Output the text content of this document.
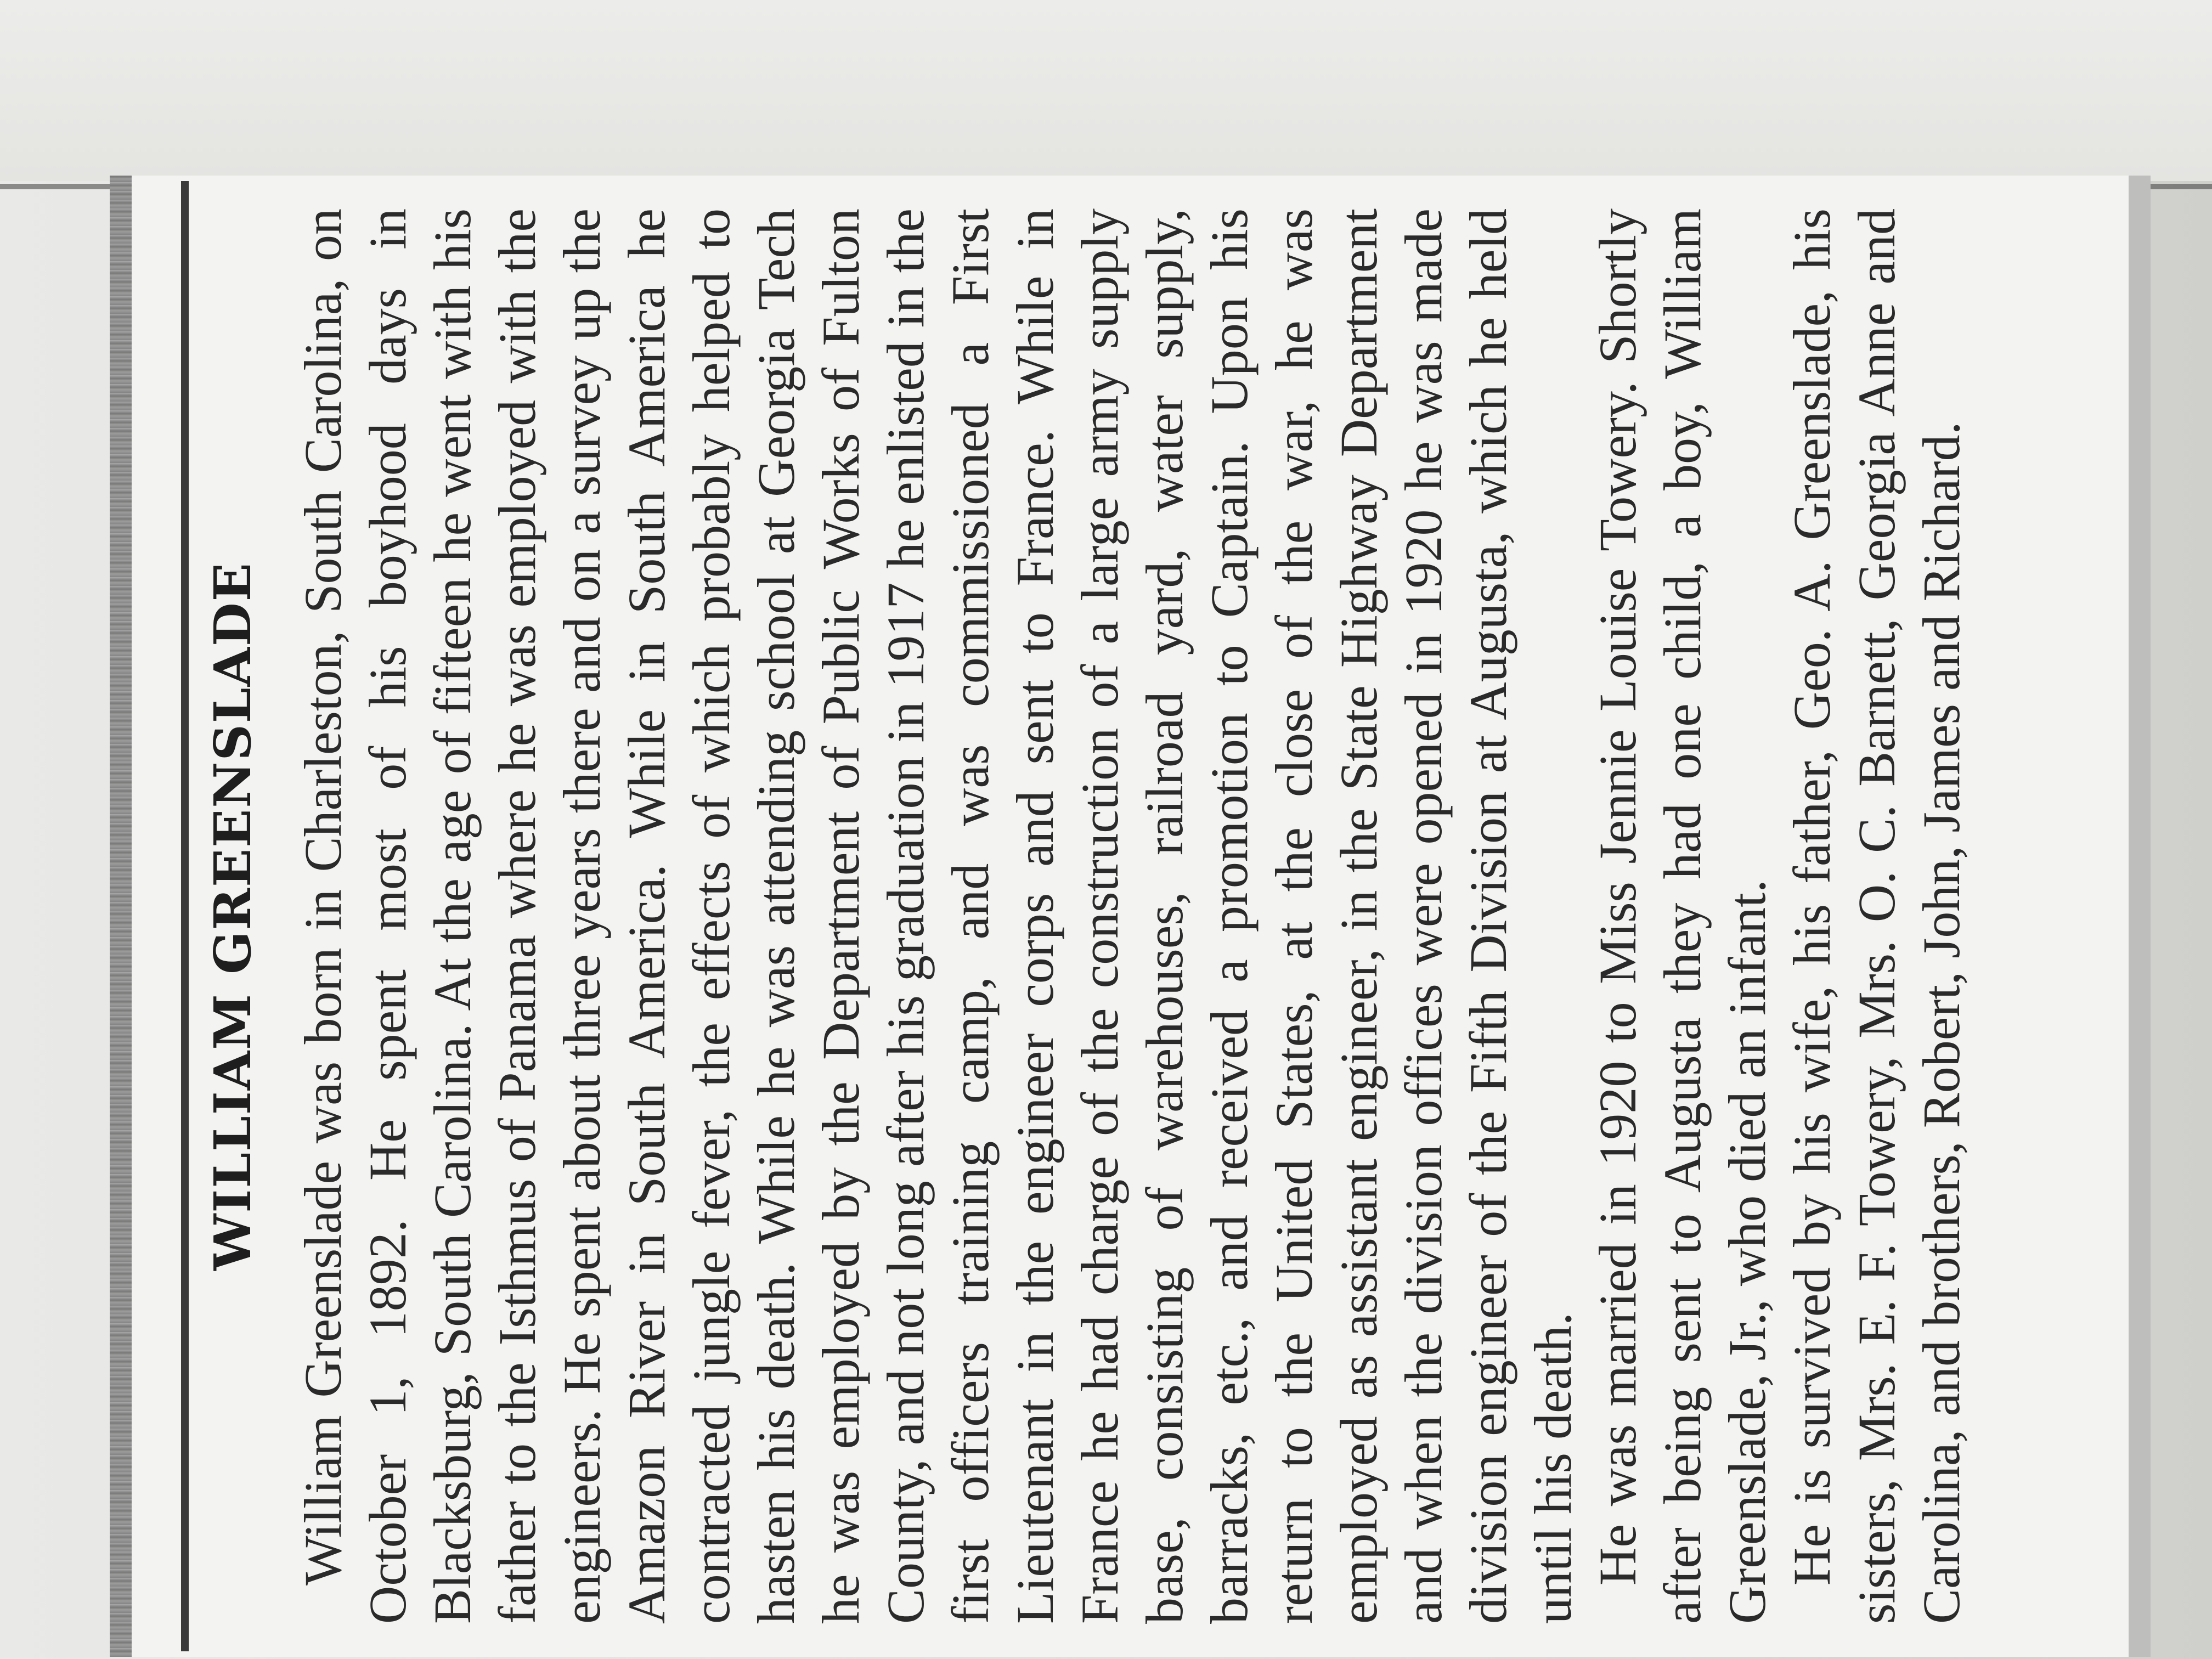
WILLIAM GREENSLADE William Greenslade was born in Charleston, South Carolina, on October 1, 1892. He spent most of his boyhood days in Blacksburg, South Carolina. At the age of fifteen he went with his father to the Isthmus of Panama where he was employed with the engineers. He spent about three years there and on a survey up the Amazon River in South America. While in South America he contracted jungle fever, the effects of which probably helped to hasten his death. While he was attending school at Georgia Tech he was employed by the Department of Public Works of Fulton County, and not long after his graduation in 1917 he enlisted in the first officers training camp, and was commissioned a First Lieutenant in the engineer corps and sent to France. While in France he had charge of the construction of a large army supply base, consisting of warehouses, railroad yard, water supply, barracks, etc., and received a promotion to Captain. Upon his return to the United States, at the close of the war, he was employed as assistant engineer, in the State Highway Department and when the division offices were opened in 1920 he was made division engineer of the Fifth Division at Augusta, which he held until his death. He was married in 1920 to Miss Jennie Louise Towery. Shortly after being sent to Augusta they had one child, a boy, William Greenslade, Jr., who died an infant. He is survived by his wife, his father, Geo. A. Greenslade, his sisters, Mrs. E. F. Towery, Mrs. O. C. Barnett, Georgia Anne and Carolina, and brothers, Robert, John, James and Richard.
